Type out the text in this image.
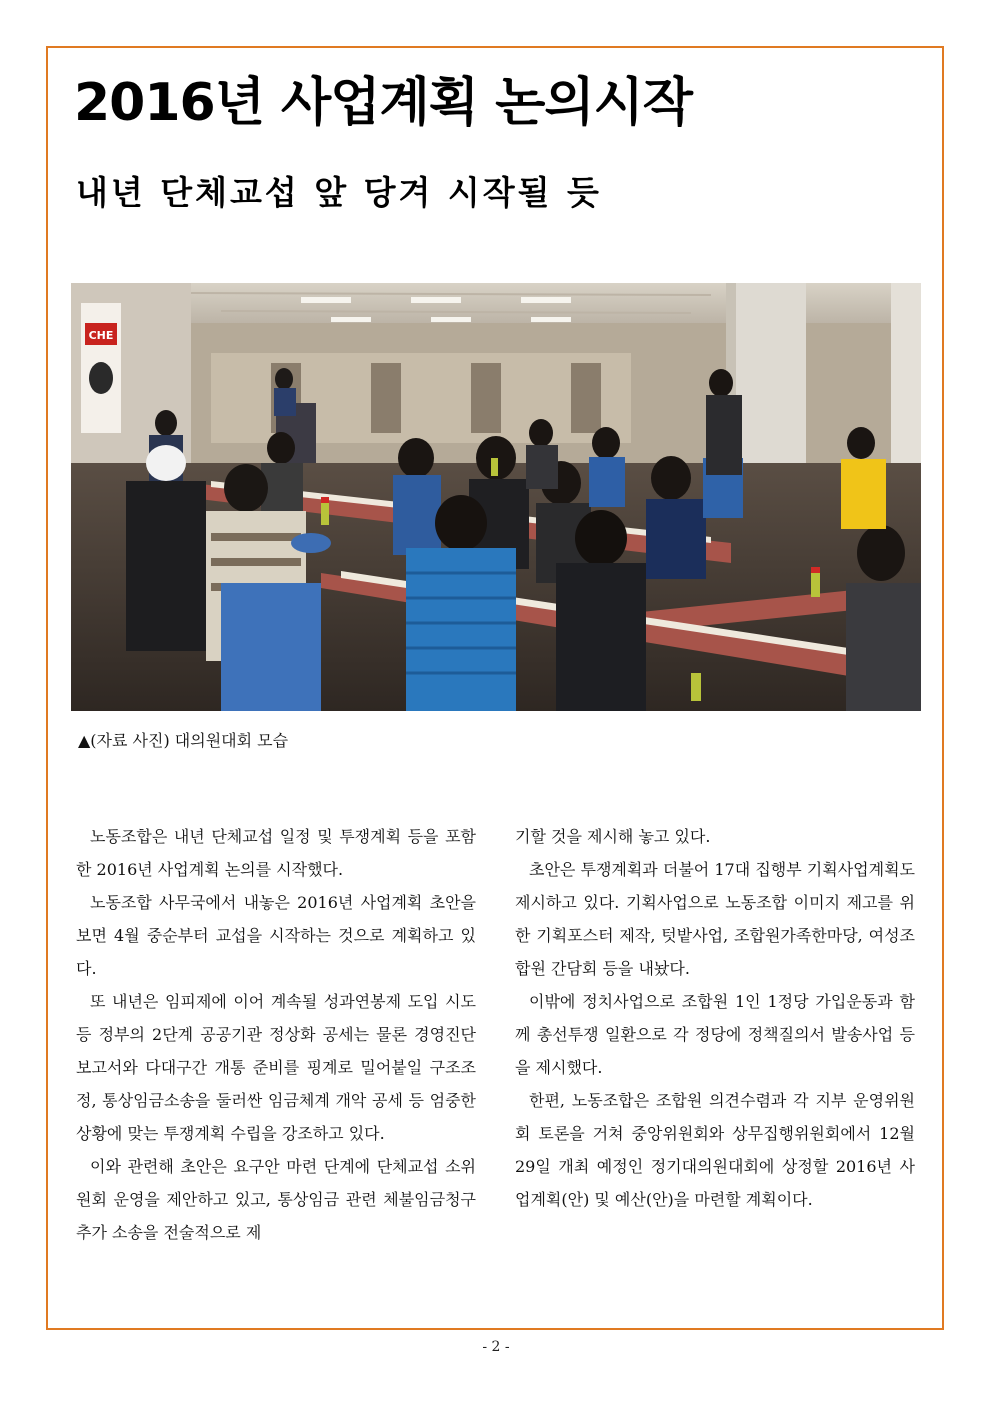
2016년 사업계획 논의시작
내년 단체교섭 앞 당겨 시작될 듯
CHE

▲(자료 사진) 대의원대회 모습

노동조합은 내년 단체교섭 일정 및 투쟁계획 등을 포함한 2016년 사업계획 논의를 시작했다.

노동조합 사무국에서 내놓은 2016년 사업계획 초안을 보면 4월 중순부터 교섭을 시작하는 것으로 계획하고 있다.

또 내년은 임피제에 이어 계속될 성과연봉제 도입 시도 등 정부의 2단계 공공기관 정상화 공세는 물론 경영진단 보고서와 다대구간 개통 준비를 핑계로 밀어붙일 구조조정, 통상임금소송을 둘러싼 임금체계 개악 공세 등 엄중한 상황에 맞는 투쟁계획 수립을 강조하고 있다.

이와 관련해 초안은 요구안 마련 단계에 단체교섭 소위원회 운영을 제안하고 있고, 통상임금 관련 체불임금청구 추가 소송을 전술적으로 제

기할 것을 제시해 놓고 있다.

초안은 투쟁계획과 더불어 17대 집행부 기획사업계획도 제시하고 있다. 기획사업으로 노동조합 이미지 제고를 위한 기획포스터 제작, 텃밭사업, 조합원가족한마당, 여성조합원 간담회 등을 내놨다.

이밖에 정치사업으로 조합원 1인 1정당 가입운동과 함께 총선투쟁 일환으로 각 정당에 정책질의서 발송사업 등을 제시했다.

한편, 노동조합은 조합원 의견수렴과 각 지부 운영위원회 토론을 거쳐 중앙위원회와 상무집행위원회에서 12월 29일 개최 예정인 정기대의원대회에 상정할 2016년 사업계획(안) 및 예산(안)을 마련할 계획이다.

- 2 -
